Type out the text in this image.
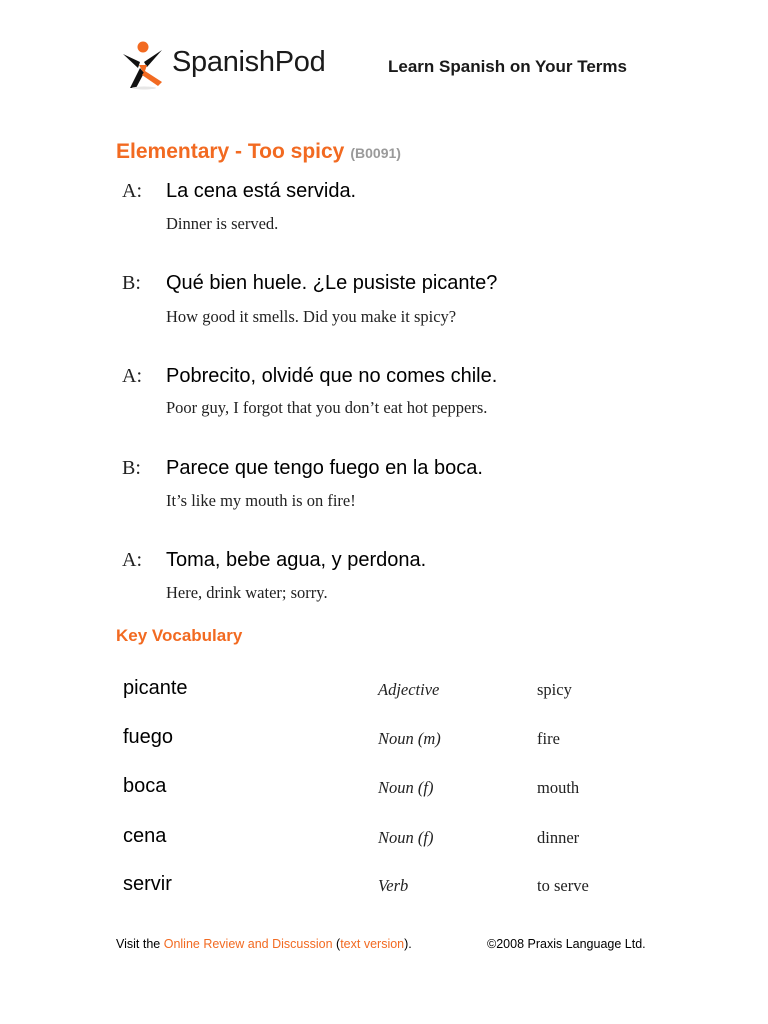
SpanishPod	Learn Spanish on Your Terms
Elementary - Too spicy (B0091)
A: La cena está servida.
Dinner is served.
B: Qué bien huele. ¿Le pusiste picante?
How good it smells. Did you make it spicy?
A: Pobrecito, olvidé que no comes chile.
Poor guy, I forgot that you don’t eat hot peppers.
B: Parece que tengo fuego en la boca.
It’s like my mouth is on fire!
A: Toma, bebe agua, y perdona.
Here, drink water; sorry.
Key Vocabulary
picante	Adjective	spicy
fuego	Noun (m)	fire
boca	Noun (f)	mouth
cena	Noun (f)	dinner
servir	Verb	to serve
Visit the Online Review and Discussion (text version).	©2008 Praxis Language Ltd.
